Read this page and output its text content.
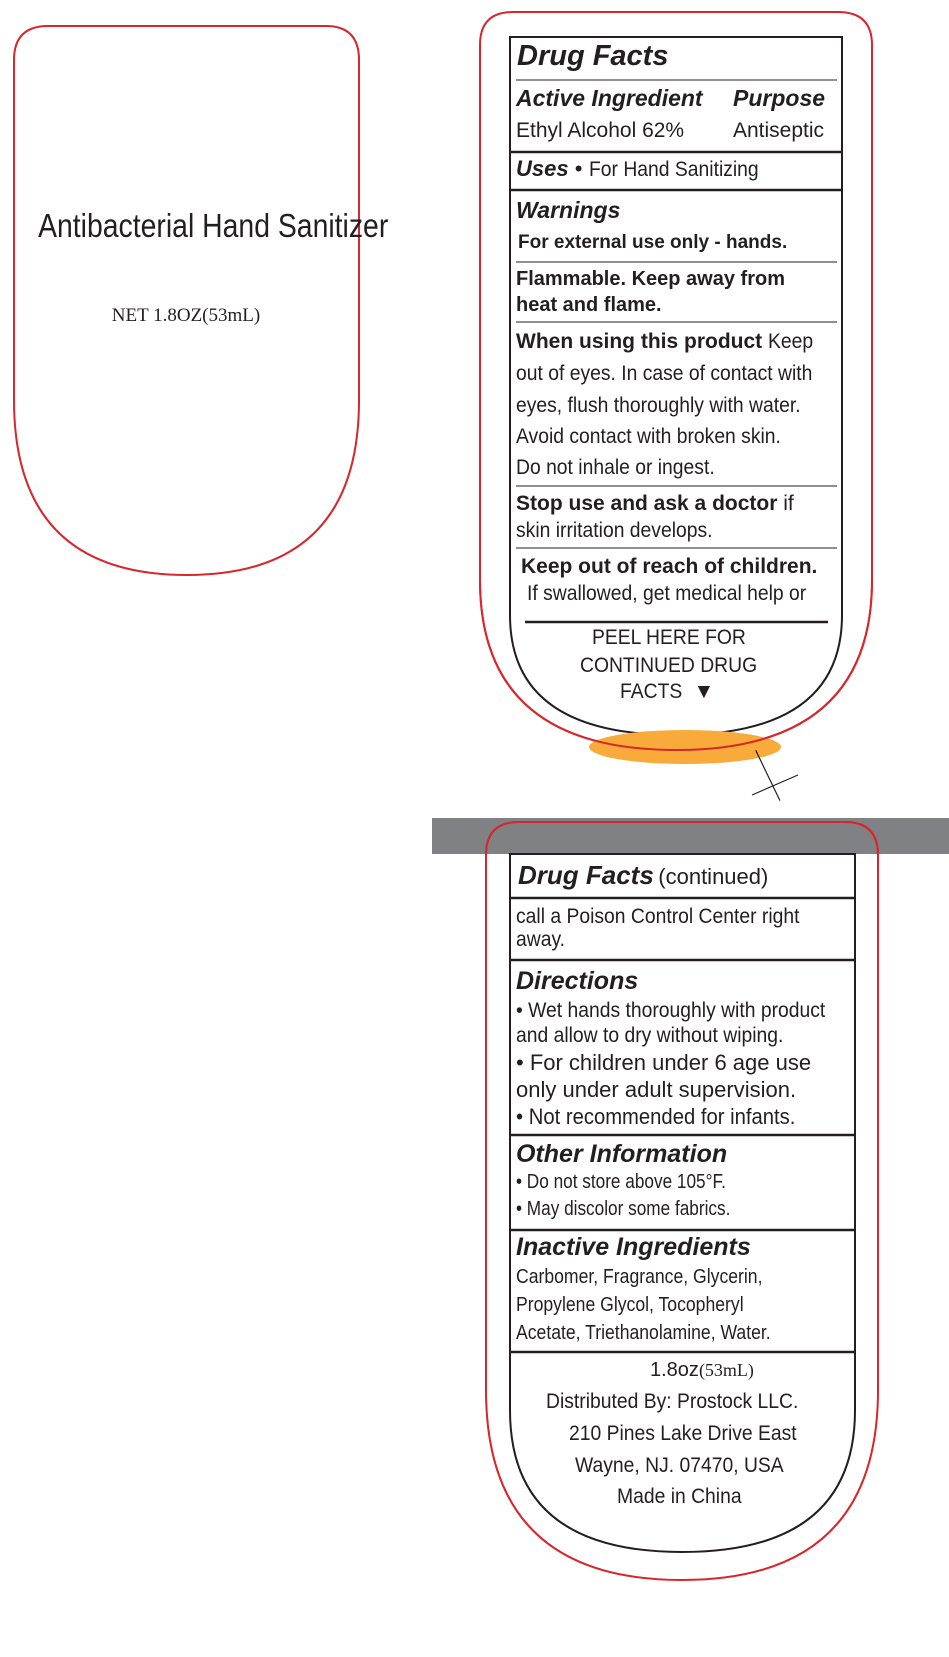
Antibacterial Hand Sanitizer
NET 1.8OZ(53mL)
Drug Facts
Active Ingredient Purpose
Ethyl Alcohol 62% Antiseptic
Uses • For Hand Sanitizing
Warnings
For external use only - hands.
Flammable. Keep away from
heat and flame.
When using this product Keep
out of eyes. In case of contact with
eyes, flush thoroughly with water.
Avoid contact with broken skin.
Do not inhale or ingest.
Stop use and ask a doctor if
skin irritation develops.
Keep out of reach of children.
If swallowed, get medical help or
PEEL HERE FOR
CONTINUED DRUG
FACTS ▼
Drug Facts (continued)
call a Poison Control Center right
away.
Directions
• Wet hands thoroughly with product
and allow to dry without wiping.
• For children under 6 age use
only under adult supervision.
• Not recommended for infants.
Other Information
• Do not store above 105°F.
• May discolor some fabrics.
Inactive Ingredients
Carbomer, Fragrance, Glycerin,
Propylene Glycol, Tocopheryl
Acetate, Triethanolamine, Water.
1.8oz(53mL)
Distributed By: Prostock LLC.
210 Pines Lake Drive East
Wayne, NJ. 07470, USA
Made in China
